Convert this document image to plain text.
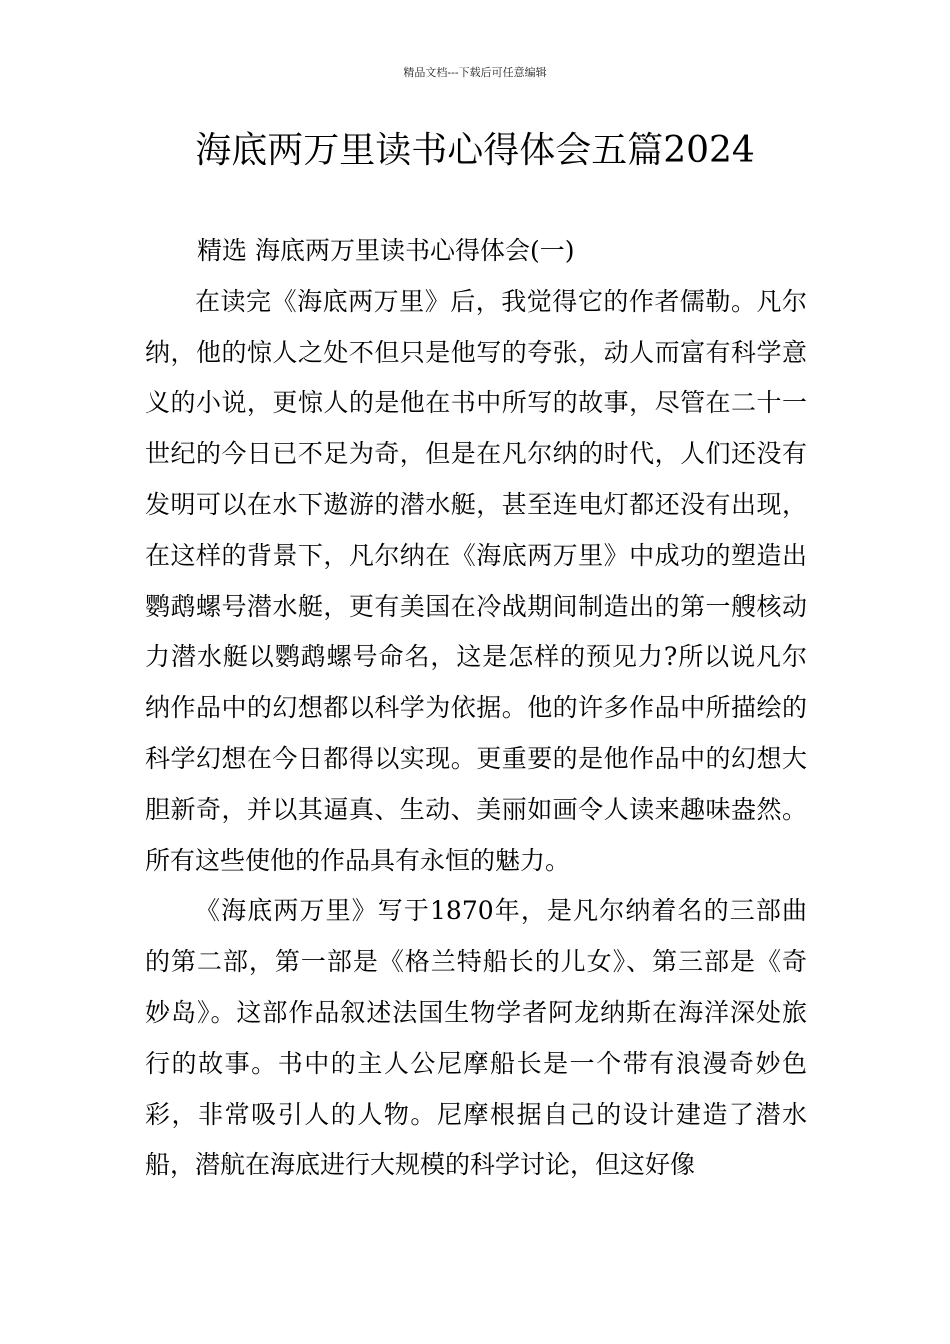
精品文档---下载后可任意编辑
海底两万里读书心得体会五篇2024
精选 海底两万里读书心得体会(一)

在读完《海底两万里》后，我觉得它的作者儒勒。凡尔纳，他的惊人之处不但只是他写的夸张，动人而富有科学意义的小说，更惊人的是他在书中所写的故事，尽管在二十一世纪的今日已不足为奇，但是在凡尔纳的时代，人们还没有发明可以在水下遨游的潜水艇，甚至连电灯都还没有出现，在这样的背景下，凡尔纳在《海底两万里》中成功的塑造出鹦鹉螺号潜水艇，更有美国在冷战期间制造出的第一艘核动力潜水艇以鹦鹉螺号命名，这是怎样的预见力?所以说凡尔纳作品中的幻想都以科学为依据。他的许多作品中所描绘的科学幻想在今日都得以实现。更重要的是他作品中的幻想大胆新奇，并以其逼真、生动、美丽如画令人读来趣味盎然。所有这些使他的作品具有永恒的魅力。

《海底两万里》写于1870年，是凡尔纳着名的三部曲的第二部，第一部是《格兰特船长的儿女》、第三部是《奇妙岛》。这部作品叙述法国生物学者阿龙纳斯在海洋深处旅行的故事。书中的主人公尼摩船长是一个带有浪漫奇妙色彩，非常吸引人的人物。尼摩根据自己的设计建造了潜水船，潜航在海底进行大规模的科学讨论，但这好像
